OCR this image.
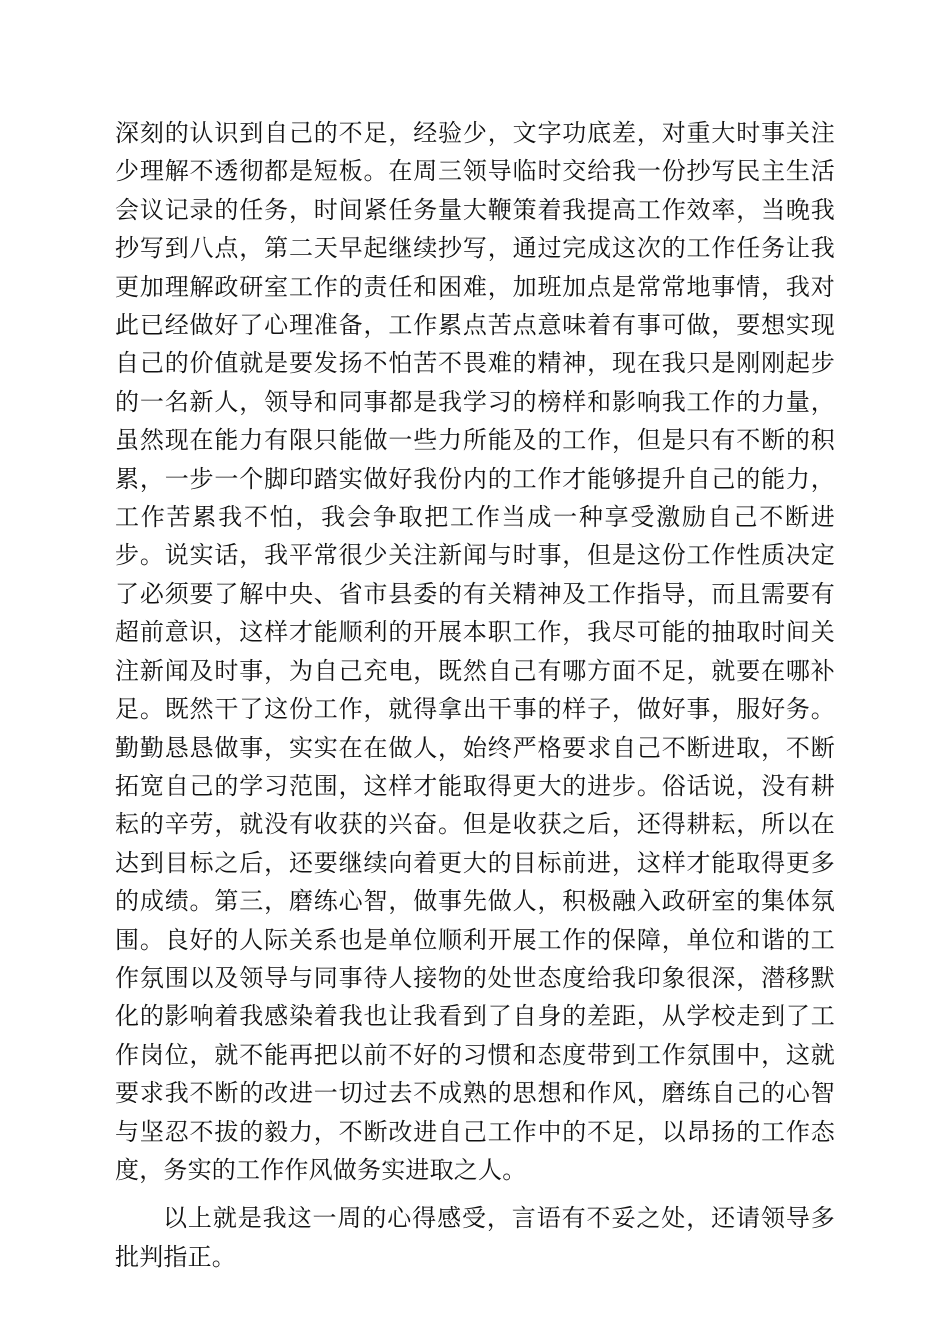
深刻的认识到自己的不足，经验少，文字功底差，对重大时事关注少理解不透彻都是短板。在周三领导临时交给我一份抄写民主生活会议记录的任务，时间紧任务量大鞭策着我提高工作效率，当晚我抄写到八点，第二天早起继续抄写，通过完成这次的工作任务让我更加理解政研室工作的责任和困难，加班加点是常常地事情，我对此已经做好了心理准备，工作累点苦点意味着有事可做，要想实现自己的价值就是要发扬不怕苦不畏难的精神，现在我只是刚刚起步的一名新人，领导和同事都是我学习的榜样和影响我工作的力量，虽然现在能力有限只能做一些力所能及的工作，但是只有不断的积累，一步一个脚印踏实做好我份内的工作才能够提升自己的能力，工作苦累我不怕，我会争取把工作当成一种享受激励自己不断进步。说实话，我平常很少关注新闻与时事，但是这份工作性质决定了必须要了解中央、省市县委的有关精神及工作指导，而且需要有超前意识，这样才能顺利的开展本职工作，我尽可能的抽取时间关注新闻及时事，为自己充电，既然自己有哪方面不足，就要在哪补足。既然干了这份工作，就得拿出干事的样子，做好事，服好务。勤勤恳恳做事，实实在在做人，始终严格要求自己不断进取，不断拓宽自己的学习范围，这样才能取得更大的进步。俗话说，没有耕耘的辛劳，就没有收获的兴奋。但是收获之后，还得耕耘，所以在达到目标之后，还要继续向着更大的目标前进，这样才能取得更多的成绩。第三，磨练心智，做事先做人，积极融入政研室的集体氛围。良好的人际关系也是单位顺利开展工作的保障，单位和谐的工作氛围以及领导与同事待人接物的处世态度给我印象很深，潜移默化的影响着我感染着我也让我看到了自身的差距，从学校走到了工作岗位，就不能再把以前不好的习惯和态度带到工作氛围中，这就要求我不断的改进一切过去不成熟的思想和作风，磨练自己的心智与坚忍不拔的毅力，不断改进自己工作中的不足，以昂扬的工作态度，务实的工作作风做务实进取之人。

以上就是我这一周的心得感受，言语有不妥之处，还请领导多批判指正。
